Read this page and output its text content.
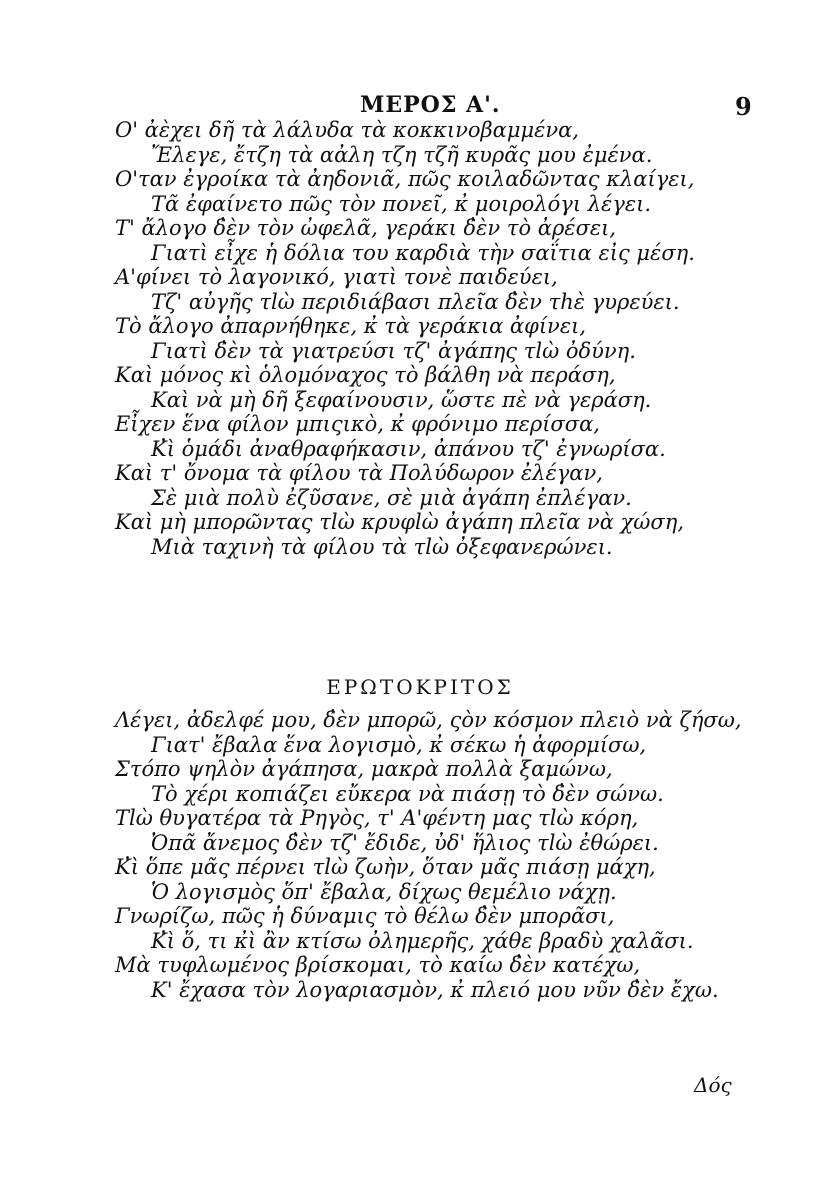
ΜΕΡΟΣ Α'.	9
Ο' ἀὲχει δῆ τὰ λάλυδα τὰ κοκκινοβαμμένα,
Ἔλεγε, ἔτζη τὰ αἀλη τζη τζῆ κυρᾶς μου ἐμένα.
Ο'ταν ἐγροίκα τὰ ἀηδονιᾶ, πῶς κοιλαδῶντας κλαίγει,
Τᾶ ἐφαίνετο πῶς τὸν πονεῖ, κ̓ μοιρολόγι λέγει.
Τ' ἄλογο δ̓ὲν τὸν ὠφελᾶ, γεράκι δ̓ὲν τὸ ἀρέσει,
Γιατὶ εἶχε ἡ δόλια του καρδιὰ τὴν σαΐτια εἰς μέση.
Α'φίνει τὸ λαγονικό, γιατὶ τονὲ παιδεύει,
Τζ' αὐγῆς τlὼ περιδιάβασι πλεῖα δ̓ὲν τhὲ γυρεύει.
Τὸ ἄλογο ἀπαρνήθηκε, κ̓ τὰ γεράκια ἀφίνει,
Γιατὶ δ̓ὲν τὰ γιατρεύσι τζ' ἀγάπης τlὼ ὀδύνη.
Καὶ μόνος κὶ ὁλομόναχος τὸ βάλθη νὰ περάση,
Καὶ νὰ μὴ δῆ ξεφαίνουσιν, ὥστε πὲ νὰ γεράση.
Εἶχεν ἕνα φίλον μπιςικὸ, κ̓ φρόνιμο περίσσα,
Κ̓ὶ ὁμάδι ἀναθραφήκασιν, ἀπάνου τζ' ἐγνωρίσα.
Καὶ τ' ὄνομα τὰ φίλου τὰ Πολύδωρον ἐλέγαν,
Σὲ μιὰ πολὺ ἐζῦσανε, σὲ μιὰ ἀγάπη ἐπλέγαν.
Καὶ μὴ μπορῶντας τlὼ κρυφlὼ ἀγάπη πλεῖα νὰ χώση,
Μιὰ ταχινὴ τὰ φίλου τὰ τlὼ ὀξεφανερώνει.
ΕΡΩΤΟΚΡΙΤΟΣ
Λέγει, ἀδελφέ μου, δ̓ὲν μπορῶ, ςὸν κόσμον πλειὸ νὰ ζήσω,
Γιατ' ἔβαλα ἕνα λογισμὸ, κ̓ σέκω ἡ ἀφορμίσω,
Στόπο ψηλὸν ἀγάπησα, μακρὰ πολλὰ ξαμώνω,
Τὸ χέρι κοπιάζει εὔκερα νὰ πιάσῃ τὸ δ̓ὲν σώνω.
Τlὼ θυγατέρα τὰ Ρηγὸς, τ' Α'φέντη μας τlὼ κόρη,
Ὀπᾶ ἄνεμος δ̓ὲν τζ' ἔδιδε, ὐδ' ἥλιος τlὼ ἐθώρει.
Κ̓ὶ ὅπε μᾶς πέρνει τlὼ ζωὴν, ὅταν μᾶς πιάσῃ μάχη,
Ὁ λογισμὸς ὅπ' ἔβαλα, δίχως θεμέλιο νάχῃ.
Γνωρίζω, πῶς ἡ δύναμις τὸ θέλω δ̓ὲν μπορᾶσι,
Κ̓ὶ ὅ, τι κ̓ὶ ἂν κτίσω ὀλημερῆς, χάθε βραδὺ χαλᾶσι.
Μὰ τυφλωμένος βρίσκομαι, τὸ καίω δ̓ὲν κατέχω,
Κ' ἔχασα τὸν λογαριασμὸν, κ̓ πλειό μου νῦν δ̓ὲν ἔχω.
Δός
